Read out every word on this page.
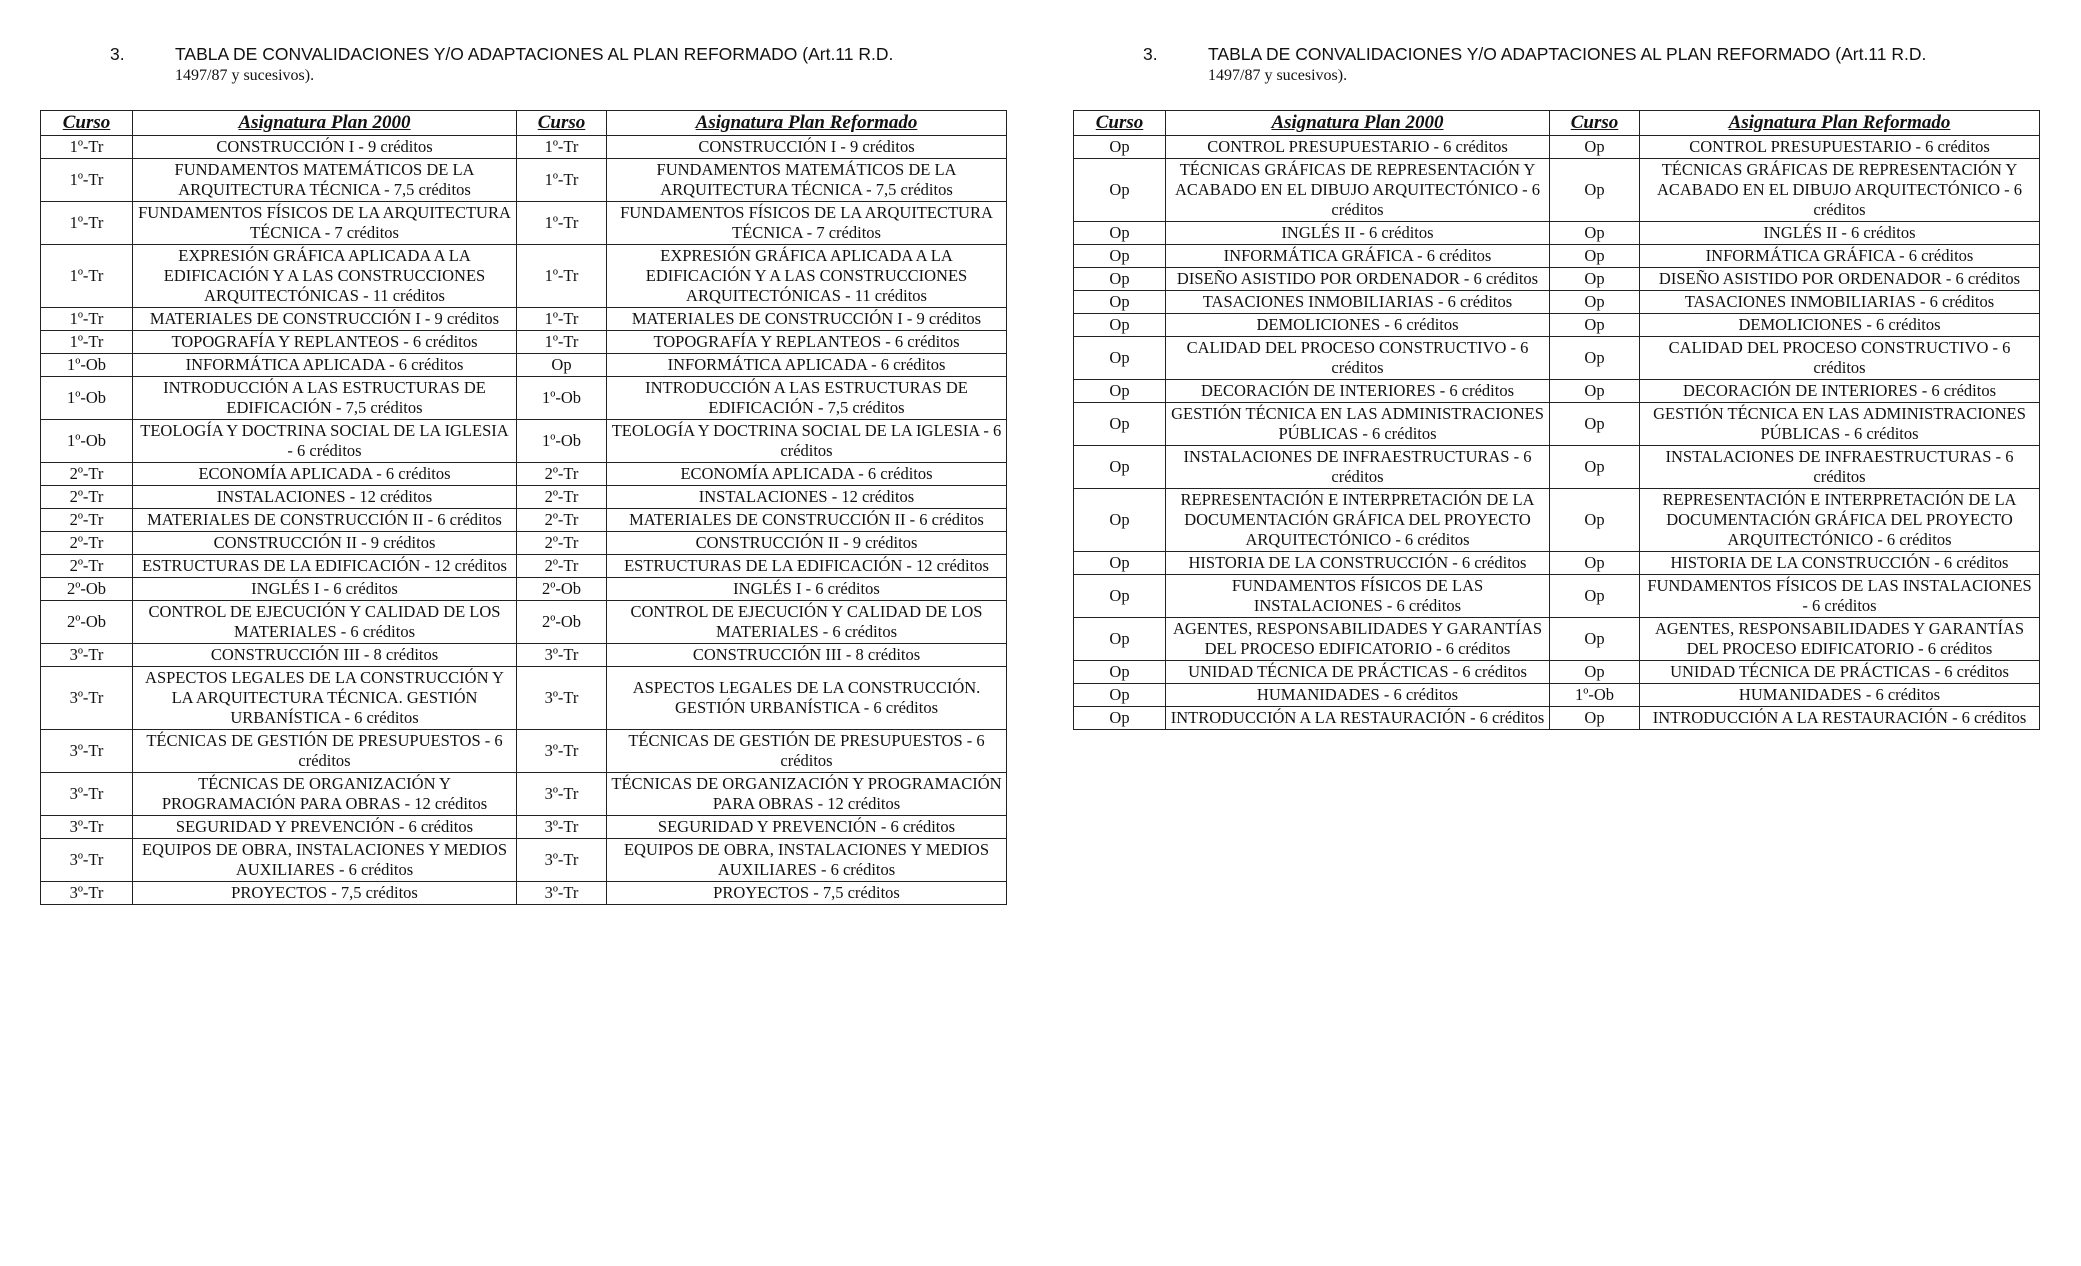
3.	TABLA DE CONVALIDACIONES Y/O ADAPTACIONES AL PLAN REFORMADO (Art.11 R.D.
1497/87 y sucesivos).
Curso	Asignatura Plan 2000	Curso	Asignatura Plan Reformado
1º-Tr	CONSTRUCCIÓN I - 9 créditos	1º-Tr	CONSTRUCCIÓN I - 9 créditos
1º-Tr	FUNDAMENTOS MATEMÁTICOS DE LA ARQUITECTURA TÉCNICA - 7,5 créditos	1º-Tr	FUNDAMENTOS MATEMÁTICOS DE LA ARQUITECTURA TÉCNICA - 7,5 créditos
1º-Tr	FUNDAMENTOS FÍSICOS DE LA ARQUITECTURA TÉCNICA - 7 créditos	1º-Tr	FUNDAMENTOS FÍSICOS DE LA ARQUITECTURA TÉCNICA - 7 créditos
1º-Tr	EXPRESIÓN GRÁFICA APLICADA A LA EDIFICACIÓN Y A LAS CONSTRUCCIONES ARQUITECTÓNICAS - 11 créditos	1º-Tr	EXPRESIÓN GRÁFICA APLICADA A LA EDIFICACIÓN Y A LAS CONSTRUCCIONES ARQUITECTÓNICAS - 11 créditos
1º-Tr	MATERIALES DE CONSTRUCCIÓN I - 9 créditos	1º-Tr	MATERIALES DE CONSTRUCCIÓN I - 9 créditos
1º-Tr	TOPOGRAFÍA Y REPLANTEOS - 6 créditos	1º-Tr	TOPOGRAFÍA Y REPLANTEOS - 6 créditos
1º-Ob	INFORMÁTICA APLICADA - 6 créditos	Op	INFORMÁTICA APLICADA - 6 créditos
1º-Ob	INTRODUCCIÓN A LAS ESTRUCTURAS DE EDIFICACIÓN - 7,5 créditos	1º-Ob	INTRODUCCIÓN A LAS ESTRUCTURAS DE EDIFICACIÓN - 7,5 créditos
1º-Ob	TEOLOGÍA Y DOCTRINA SOCIAL DE LA IGLESIA - 6 créditos	1º-Ob	TEOLOGÍA Y DOCTRINA SOCIAL DE LA IGLESIA - 6 créditos
2º-Tr	ECONOMÍA APLICADA - 6 créditos	2º-Tr	ECONOMÍA APLICADA - 6 créditos
2º-Tr	INSTALACIONES - 12 créditos	2º-Tr	INSTALACIONES - 12 créditos
2º-Tr	MATERIALES DE CONSTRUCCIÓN II - 6 créditos	2º-Tr	MATERIALES DE CONSTRUCCIÓN II - 6 créditos
2º-Tr	CONSTRUCCIÓN II - 9 créditos	2º-Tr	CONSTRUCCIÓN II - 9 créditos
2º-Tr	ESTRUCTURAS DE LA EDIFICACIÓN - 12 créditos	2º-Tr	ESTRUCTURAS DE LA EDIFICACIÓN - 12 créditos
2º-Ob	INGLÉS I - 6 créditos	2º-Ob	INGLÉS I - 6 créditos
2º-Ob	CONTROL DE EJECUCIÓN Y CALIDAD DE LOS MATERIALES - 6 créditos	2º-Ob	CONTROL DE EJECUCIÓN Y CALIDAD DE LOS MATERIALES - 6 créditos
3º-Tr	CONSTRUCCIÓN III - 8 créditos	3º-Tr	CONSTRUCCIÓN III - 8 créditos
3º-Tr	ASPECTOS LEGALES DE LA CONSTRUCCIÓN Y LA ARQUITECTURA TÉCNICA. GESTIÓN URBANÍSTICA - 6 créditos	3º-Tr	ASPECTOS LEGALES DE LA CONSTRUCCIÓN. GESTIÓN URBANÍSTICA - 6 créditos
3º-Tr	TÉCNICAS DE GESTIÓN DE PRESUPUESTOS - 6 créditos	3º-Tr	TÉCNICAS DE GESTIÓN DE PRESUPUESTOS - 6 créditos
3º-Tr	TÉCNICAS DE ORGANIZACIÓN Y PROGRAMACIÓN PARA OBRAS - 12 créditos	3º-Tr	TÉCNICAS DE ORGANIZACIÓN Y PROGRAMACIÓN PARA OBRAS - 12 créditos
3º-Tr	SEGURIDAD Y PREVENCIÓN - 6 créditos	3º-Tr	SEGURIDAD Y PREVENCIÓN - 6 créditos
3º-Tr	EQUIPOS DE OBRA, INSTALACIONES Y MEDIOS AUXILIARES - 6 créditos	3º-Tr	EQUIPOS DE OBRA, INSTALACIONES Y MEDIOS AUXILIARES - 6 créditos
3º-Tr	PROYECTOS - 7,5 créditos	3º-Tr	PROYECTOS - 7,5 créditos
3.	TABLA DE CONVALIDACIONES Y/O ADAPTACIONES AL PLAN REFORMADO (Art.11 R.D.
1497/87 y sucesivos).
Curso	Asignatura Plan 2000	Curso	Asignatura Plan Reformado
Op	CONTROL PRESUPUESTARIO - 6 créditos	Op	CONTROL PRESUPUESTARIO - 6 créditos
Op	TÉCNICAS GRÁFICAS DE REPRESENTACIÓN Y ACABADO EN EL DIBUJO ARQUITECTÓNICO - 6 créditos	Op	TÉCNICAS GRÁFICAS DE REPRESENTACIÓN Y ACABADO EN EL DIBUJO ARQUITECTÓNICO - 6 créditos
Op	INGLÉS II - 6 créditos	Op	INGLÉS II - 6 créditos
Op	INFORMÁTICA GRÁFICA - 6 créditos	Op	INFORMÁTICA GRÁFICA - 6 créditos
Op	DISEÑO ASISTIDO POR ORDENADOR - 6 créditos	Op	DISEÑO ASISTIDO POR ORDENADOR - 6 créditos
Op	TASACIONES INMOBILIARIAS - 6 créditos	Op	TASACIONES INMOBILIARIAS - 6 créditos
Op	DEMOLICIONES - 6 créditos	Op	DEMOLICIONES - 6 créditos
Op	CALIDAD DEL PROCESO CONSTRUCTIVO - 6 créditos	Op	CALIDAD DEL PROCESO CONSTRUCTIVO - 6 créditos
Op	DECORACIÓN DE INTERIORES - 6 créditos	Op	DECORACIÓN DE INTERIORES - 6 créditos
Op	GESTIÓN TÉCNICA EN LAS ADMINISTRACIONES PÚBLICAS - 6 créditos	Op	GESTIÓN TÉCNICA EN LAS ADMINISTRACIONES PÚBLICAS - 6 créditos
Op	INSTALACIONES DE INFRAESTRUCTURAS - 6 créditos	Op	INSTALACIONES DE INFRAESTRUCTURAS - 6 créditos
Op	REPRESENTACIÓN E INTERPRETACIÓN DE LA DOCUMENTACIÓN GRÁFICA DEL PROYECTO ARQUITECTÓNICO - 6 créditos	Op	REPRESENTACIÓN E INTERPRETACIÓN DE LA DOCUMENTACIÓN GRÁFICA DEL PROYECTO ARQUITECTÓNICO - 6 créditos
Op	HISTORIA DE LA CONSTRUCCIÓN - 6 créditos	Op	HISTORIA DE LA CONSTRUCCIÓN - 6 créditos
Op	FUNDAMENTOS FÍSICOS DE LAS INSTALACIONES - 6 créditos	Op	FUNDAMENTOS FÍSICOS DE LAS INSTALACIONES - 6 créditos
Op	AGENTES, RESPONSABILIDADES Y GARANTÍAS DEL PROCESO EDIFICATORIO - 6 créditos	Op	AGENTES, RESPONSABILIDADES Y GARANTÍAS DEL PROCESO EDIFICATORIO - 6 créditos
Op	UNIDAD TÉCNICA DE PRÁCTICAS - 6 créditos	Op	UNIDAD TÉCNICA DE PRÁCTICAS - 6 créditos
Op	HUMANIDADES - 6 créditos	1º-Ob	HUMANIDADES - 6 créditos
Op	INTRODUCCIÓN A LA RESTAURACIÓN - 6 créditos	Op	INTRODUCCIÓN A LA RESTAURACIÓN - 6 créditos
